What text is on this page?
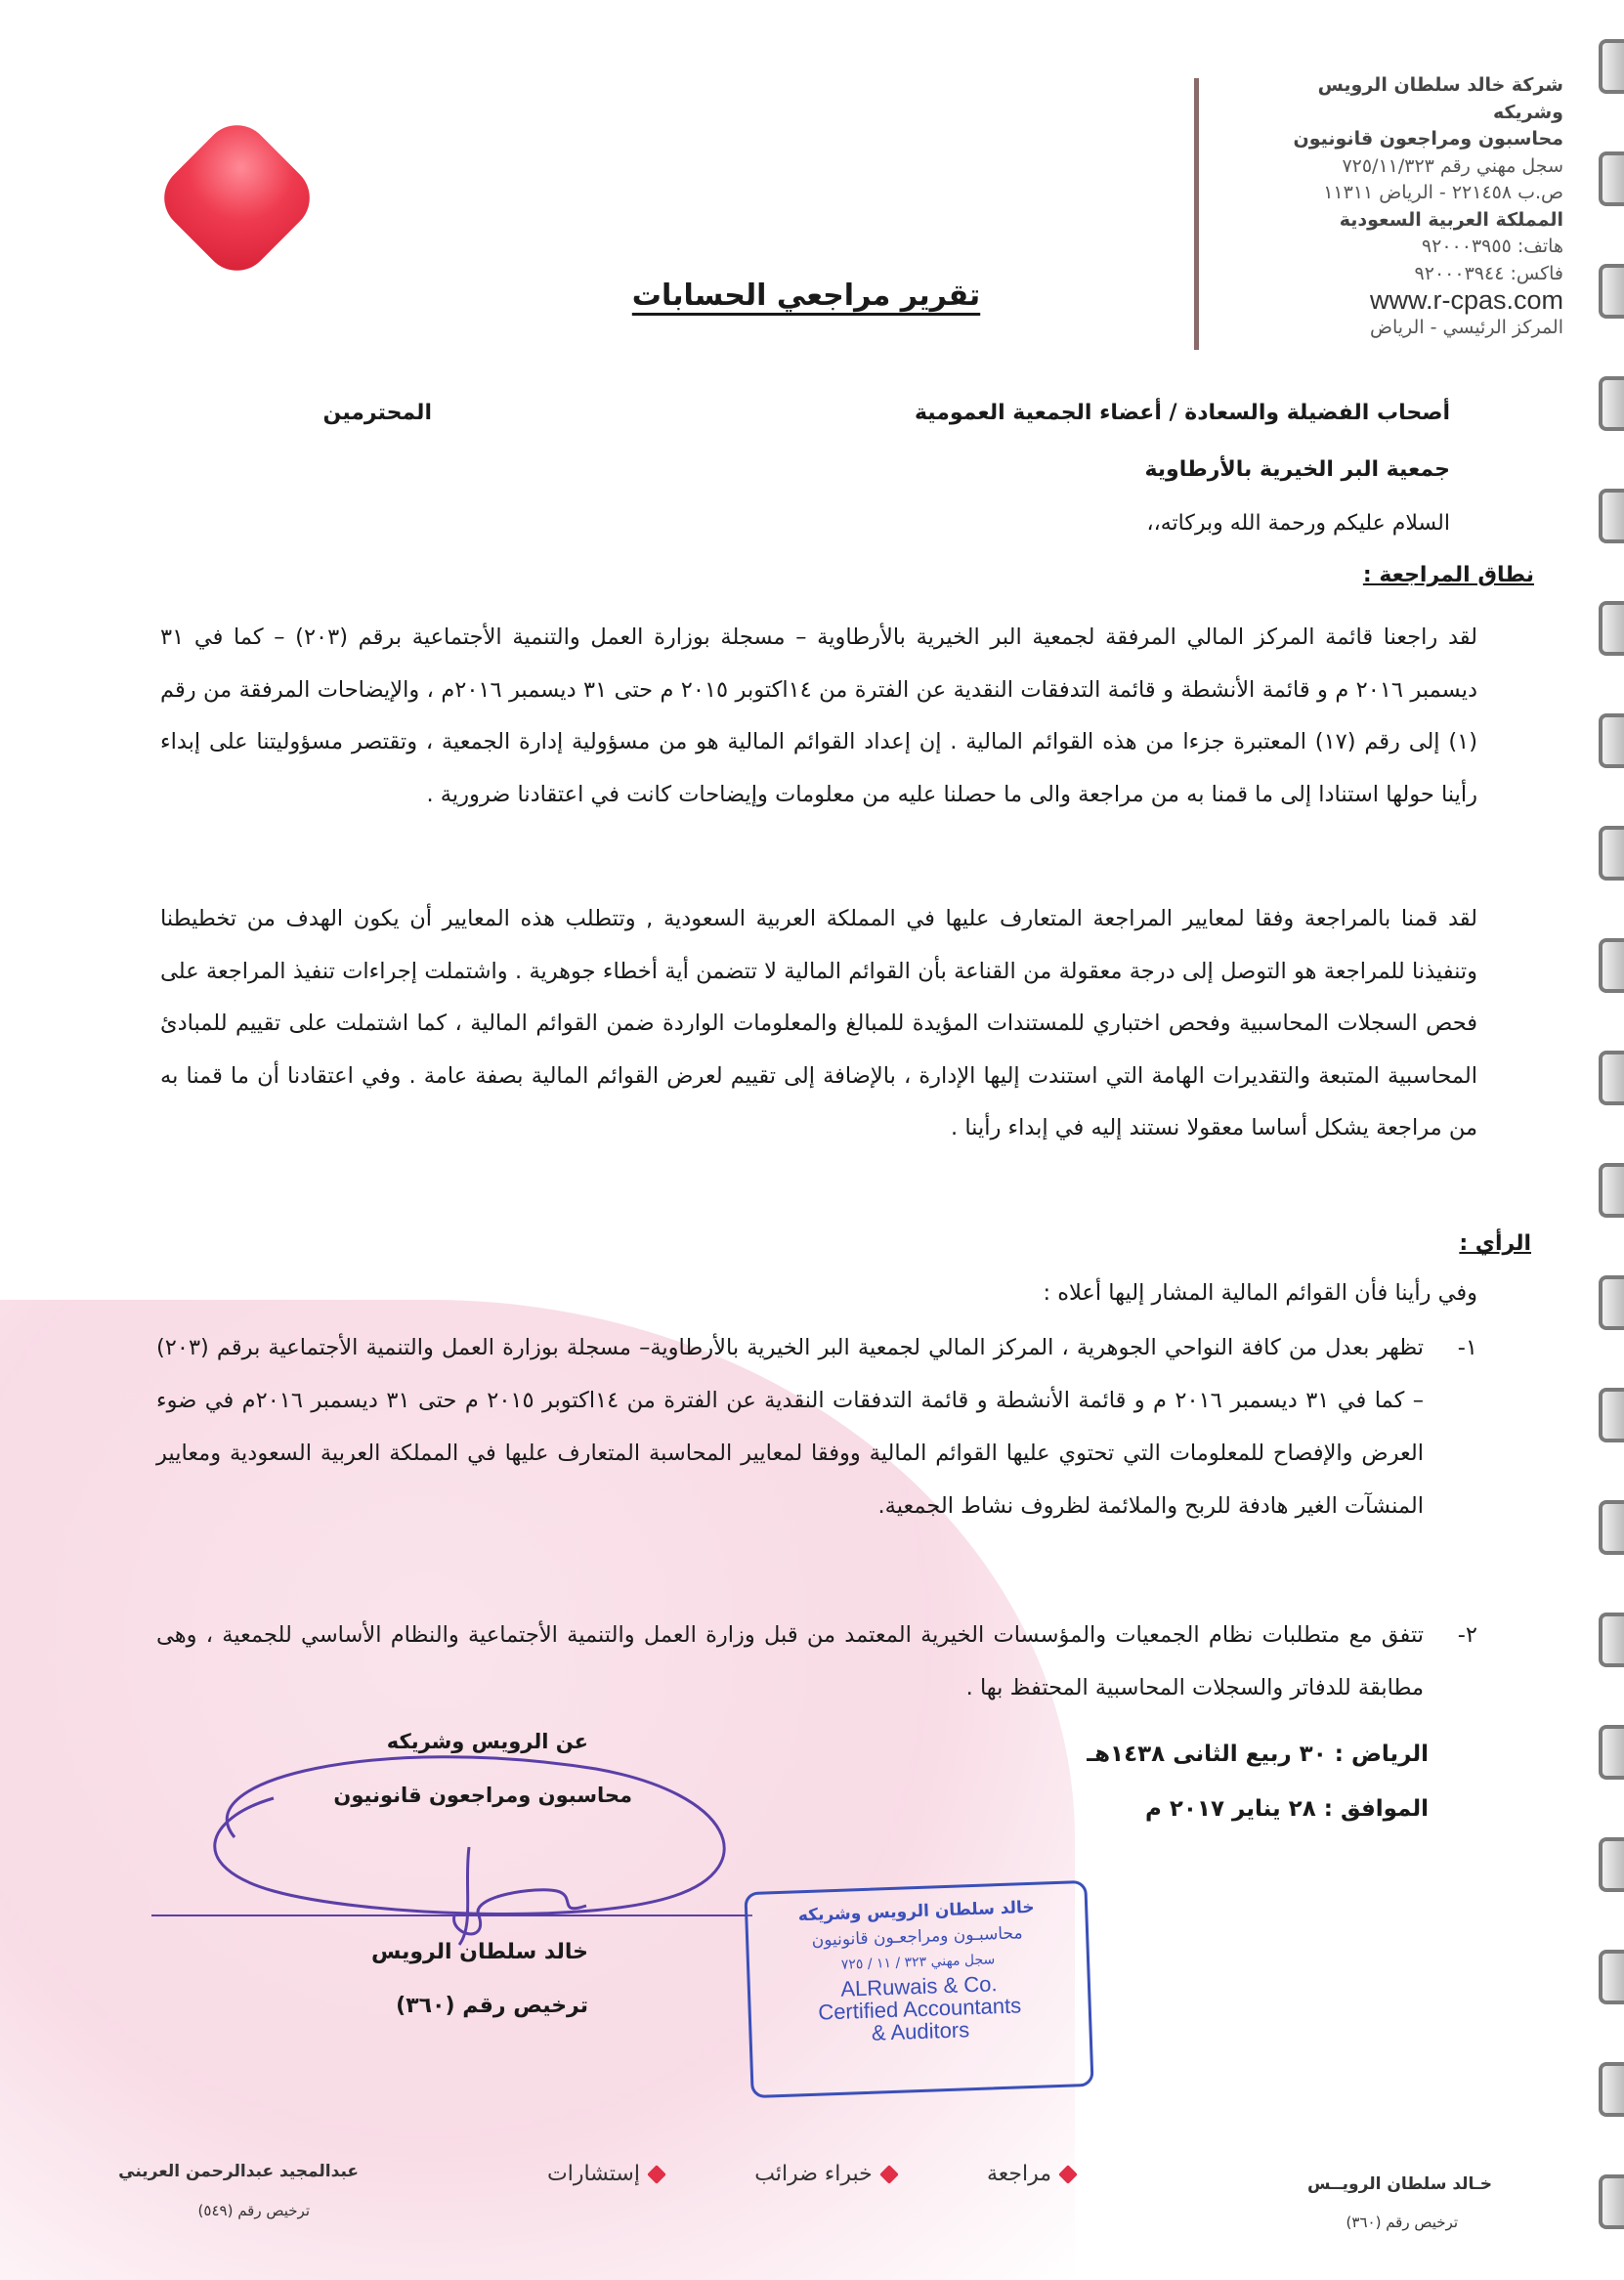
شركة خالد سلطان الرويس وشريكه
محاسبون ومراجعون قانونيون
سجل مهني رقم ٧٢٥/١١/٣٢٣
ص.ب ٢٢١٤٥٨ - الرياض ١١٣١١
المملكة العربية السعودية
هاتف: ٩٢٠٠٠٣٩٥٥
فاكس: ٩٢٠٠٠٣٩٤٤
www.r-cpas.com
المركز الرئيسي - الرياض
تقرير مراجعي الحسابات
أصحاب الفضيلة والسعادة / أعضاء الجمعية العمومية
المحترمين
جمعية البر الخيرية بالأرطاوية
السلام عليكم ورحمة الله وبركاته،،
نطاق المراجعة :
لقد راجعنا قائمة المركز المالي المرفقة لجمعية البر الخيرية بالأرطاوية – مسجلة بوزارة العمل والتنمية الأجتماعية برقم (٢٠٣) – كما في ٣١ ديسمبر ٢٠١٦ م و قائمة الأنشطة و قائمة التدفقات النقدية عن الفترة من ١٤اكتوبر ٢٠١٥ م حتى ٣١ ديسمبر ٢٠١٦م ، والإيضاحات المرفقة من رقم (١) إلى رقم (١٧) المعتبرة جزءا من هذه القوائم المالية . إن إعداد القوائم المالية هو من مسؤولية إدارة الجمعية ، وتقتصر مسؤوليتنا على إبداء رأينا حولها استنادا إلى ما قمنا به من مراجعة والى ما حصلنا عليه من معلومات وإيضاحات كانت في اعتقادنا ضرورية .
لقد قمنا بالمراجعة وفقا لمعايير المراجعة المتعارف عليها في المملكة العربية السعودية , وتتطلب هذه المعايير أن يكون الهدف من تخطيطنا وتنفيذنا للمراجعة هو التوصل إلى درجة معقولة من القناعة بأن القوائم المالية لا تتضمن أية أخطاء جوهرية . واشتملت إجراءات تنفيذ المراجعة على فحص السجلات المحاسبية وفحص اختباري للمستندات المؤيدة للمبالغ والمعلومات الواردة ضمن القوائم المالية ، كما اشتملت على تقييم للمبادئ المحاسبية المتبعة والتقديرات الهامة التي استندت إليها الإدارة ، بالإضافة إلى تقييم لعرض القوائم المالية بصفة عامة . وفي اعتقادنا أن ما قمنا به من مراجعة يشكل أساسا معقولا نستند إليه في إبداء رأينا .
الرأي :
وفي رأينا فأن القوائم المالية المشار إليها أعلاه :
١-
تظهر بعدل من كافة النواحي الجوهرية ، المركز المالي لجمعية البر الخيرية بالأرطاوية– مسجلة بوزارة العمل والتنمية الأجتماعية برقم (٢٠٣) – كما في ٣١ ديسمبر ٢٠١٦ م و قائمة الأنشطة و قائمة التدفقات النقدية عن الفترة من ١٤اكتوبر ٢٠١٥ م حتى ٣١ ديسمبر ٢٠١٦م في ضوء العرض والإفصاح للمعلومات التي تحتوي عليها القوائم المالية ووفقا لمعايير المحاسبة المتعارف عليها في المملكة العربية السعودية ومعايير المنشآت الغير هادفة للربح والملائمة لظروف نشاط الجمعية.
٢-
تتفق مع متطلبات نظام الجمعيات والمؤسسات الخيرية المعتمد من قبل وزارة العمل والتنمية الأجتماعية والنظام الأساسي للجمعية ، وهى مطابقة للدفاتر والسجلات المحاسبية المحتفظ بها .
الرياض : ٣٠ ربيع الثانى ١٤٣٨هـ
الموافق : ٢٨ يناير ٢٠١٧ م
عن الرويس وشريكه
محاسبون ومراجعون قانونيون
خالد سلطان الرويس
ترخيص رقم (٣٦٠)
خالد سلطان الرويس وشريكه
محاسبـون ومراجعـون قانونيون
سجل مهني ٣٢٣ / ١١ / ٧٢٥
ALRuwais & Co.
Certified Accountants
& Auditors
مراجعة
خبراء ضرائب
إستشارات	خـالد سلطان الرويــس
ترخيص رقم (٣٦٠)
عبدالمجيد عبدالرحمن العريني
ترخيص رقم (٥٤٩)
